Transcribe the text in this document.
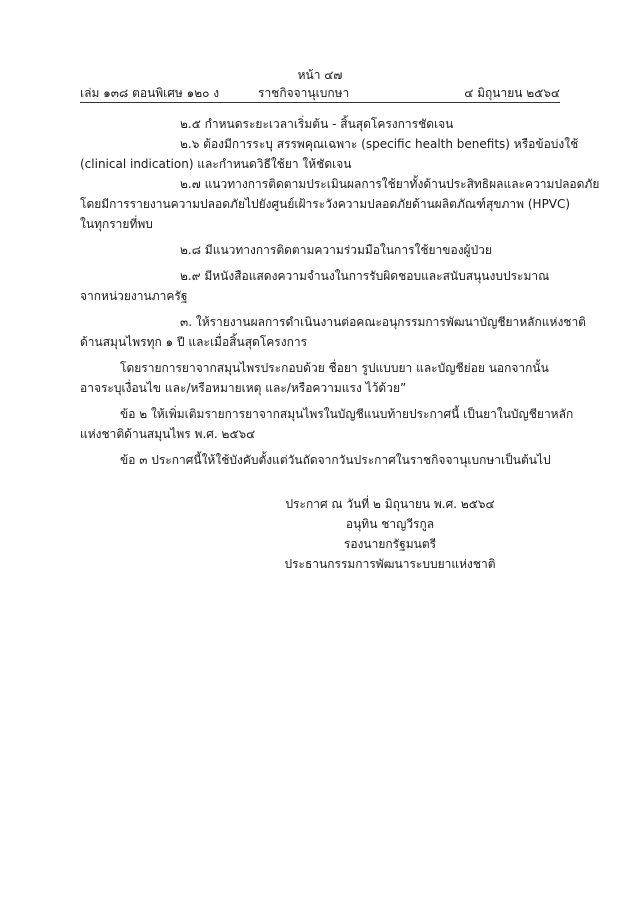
หน้า ๔๗
เล่ม ๑๓๘ ตอนพิเศษ ๑๒๐ ง	ราชกิจจานุเบกษา	๔ มิถุนายน ๒๕๖๔
๒.๕ กำหนดระยะเวลาเริ่มต้น - สิ้นสุดโครงการชัดเจน
๒.๖ ต้องมีการระบุ สรรพคุณเฉพาะ (specific health benefits) หรือข้อบ่งใช้
(clinical indication) และกำหนดวิธีใช้ยา ให้ชัดเจน
๒.๗ แนวทางการติดตามประเมินผลการใช้ยาทั้งด้านประสิทธิผลและความปลอดภัย
โดยมีการรายงานความปลอดภัยไปยังศูนย์เฝ้าระวังความปลอดภัยด้านผลิตภัณฑ์สุขภาพ (HPVC)
ในทุกรายที่พบ
๒.๘ มีแนวทางการติดตามความร่วมมือในการใช้ยาของผู้ป่วย
๒.๙ มีหนังสือแสดงความจำนงในการรับผิดชอบและสนับสนุนงบประมาณ
จากหน่วยงานภาครัฐ
๓. ให้รายงานผลการดำเนินงานต่อคณะอนุกรรมการพัฒนาบัญชียาหลักแห่งชาติ
ด้านสมุนไพรทุก ๑ ปี และเมื่อสิ้นสุดโครงการ
โดยรายการยาจากสมุนไพรประกอบด้วย ชื่อยา รูปแบบยา และบัญชีย่อย นอกจากนั้น
อาจระบุเงื่อนไข และ/หรือหมายเหตุ และ/หรือความแรง ไว้ด้วย”
ข้อ ๒ ให้เพิ่มเติมรายการยาจากสมุนไพรในบัญชีแนบท้ายประกาศนี้ เป็นยาในบัญชียาหลัก
แห่งชาติด้านสมุนไพร พ.ศ. ๒๕๖๔
ข้อ ๓ ประกาศนี้ให้ใช้บังคับตั้งแต่วันถัดจากวันประกาศในราชกิจจานุเบกษาเป็นต้นไป
ประกาศ ณ วันที่ ๒ มิถุนายน พ.ศ. ๒๕๖๔
อนุทิน ชาญวีรกูล
รองนายกรัฐมนตรี
ประธานกรรมการพัฒนาระบบยาแห่งชาติ
